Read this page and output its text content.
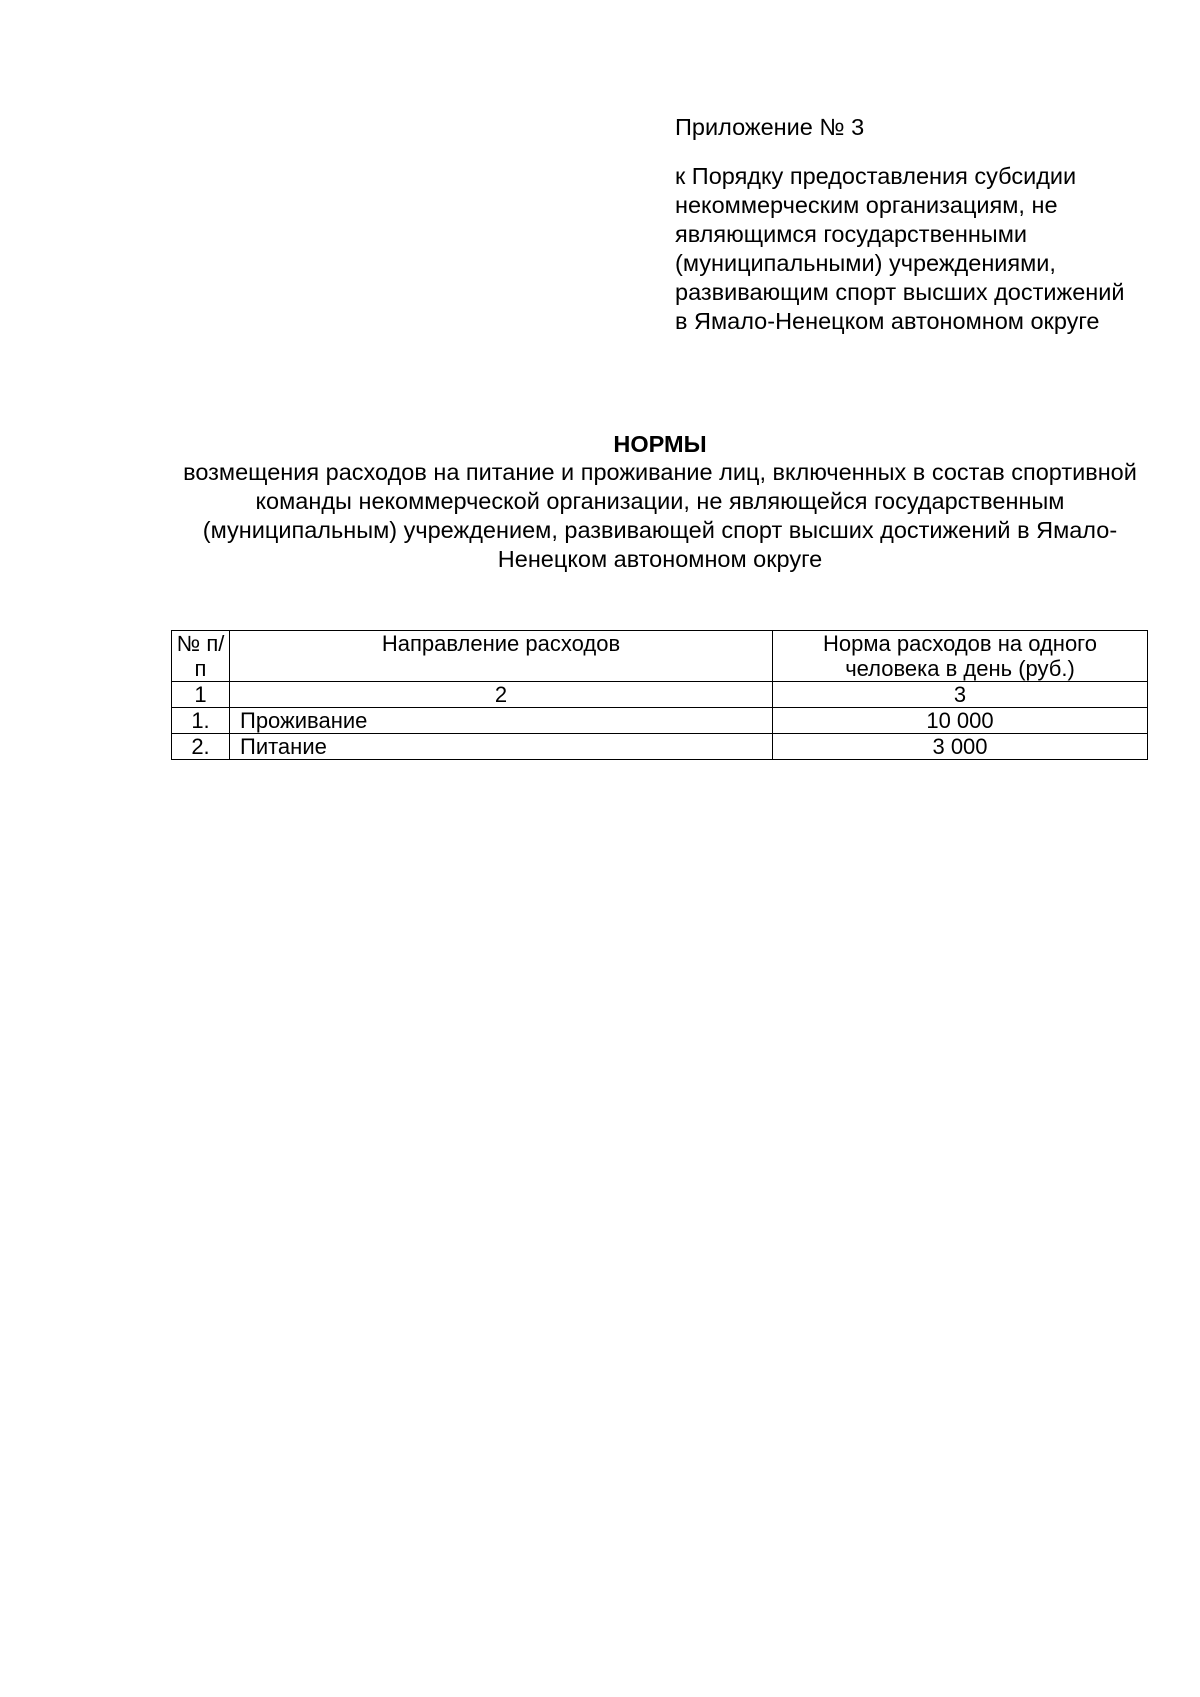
Приложение № 3

к Порядку предоставления субсидии некоммерческим организациям, не являющимся государственными (муниципальными) учреждениями, развивающим спорт высших достижений в Ямало-Ненецком автономном округе

НОРМЫ

возмещения расходов на питание и проживание лиц, включенных в состав спортивной команды некоммерческой организации, не являющейся государственным (муниципальным) учреждением, развивающей спорт высших достижений в Ямало-Ненецком автономном округе

№ п/п	Направление расходов	Норма расходов на одного человека в день (руб.)
1	2	3
1.	Проживание	10 000
2.	Питание	3 000
